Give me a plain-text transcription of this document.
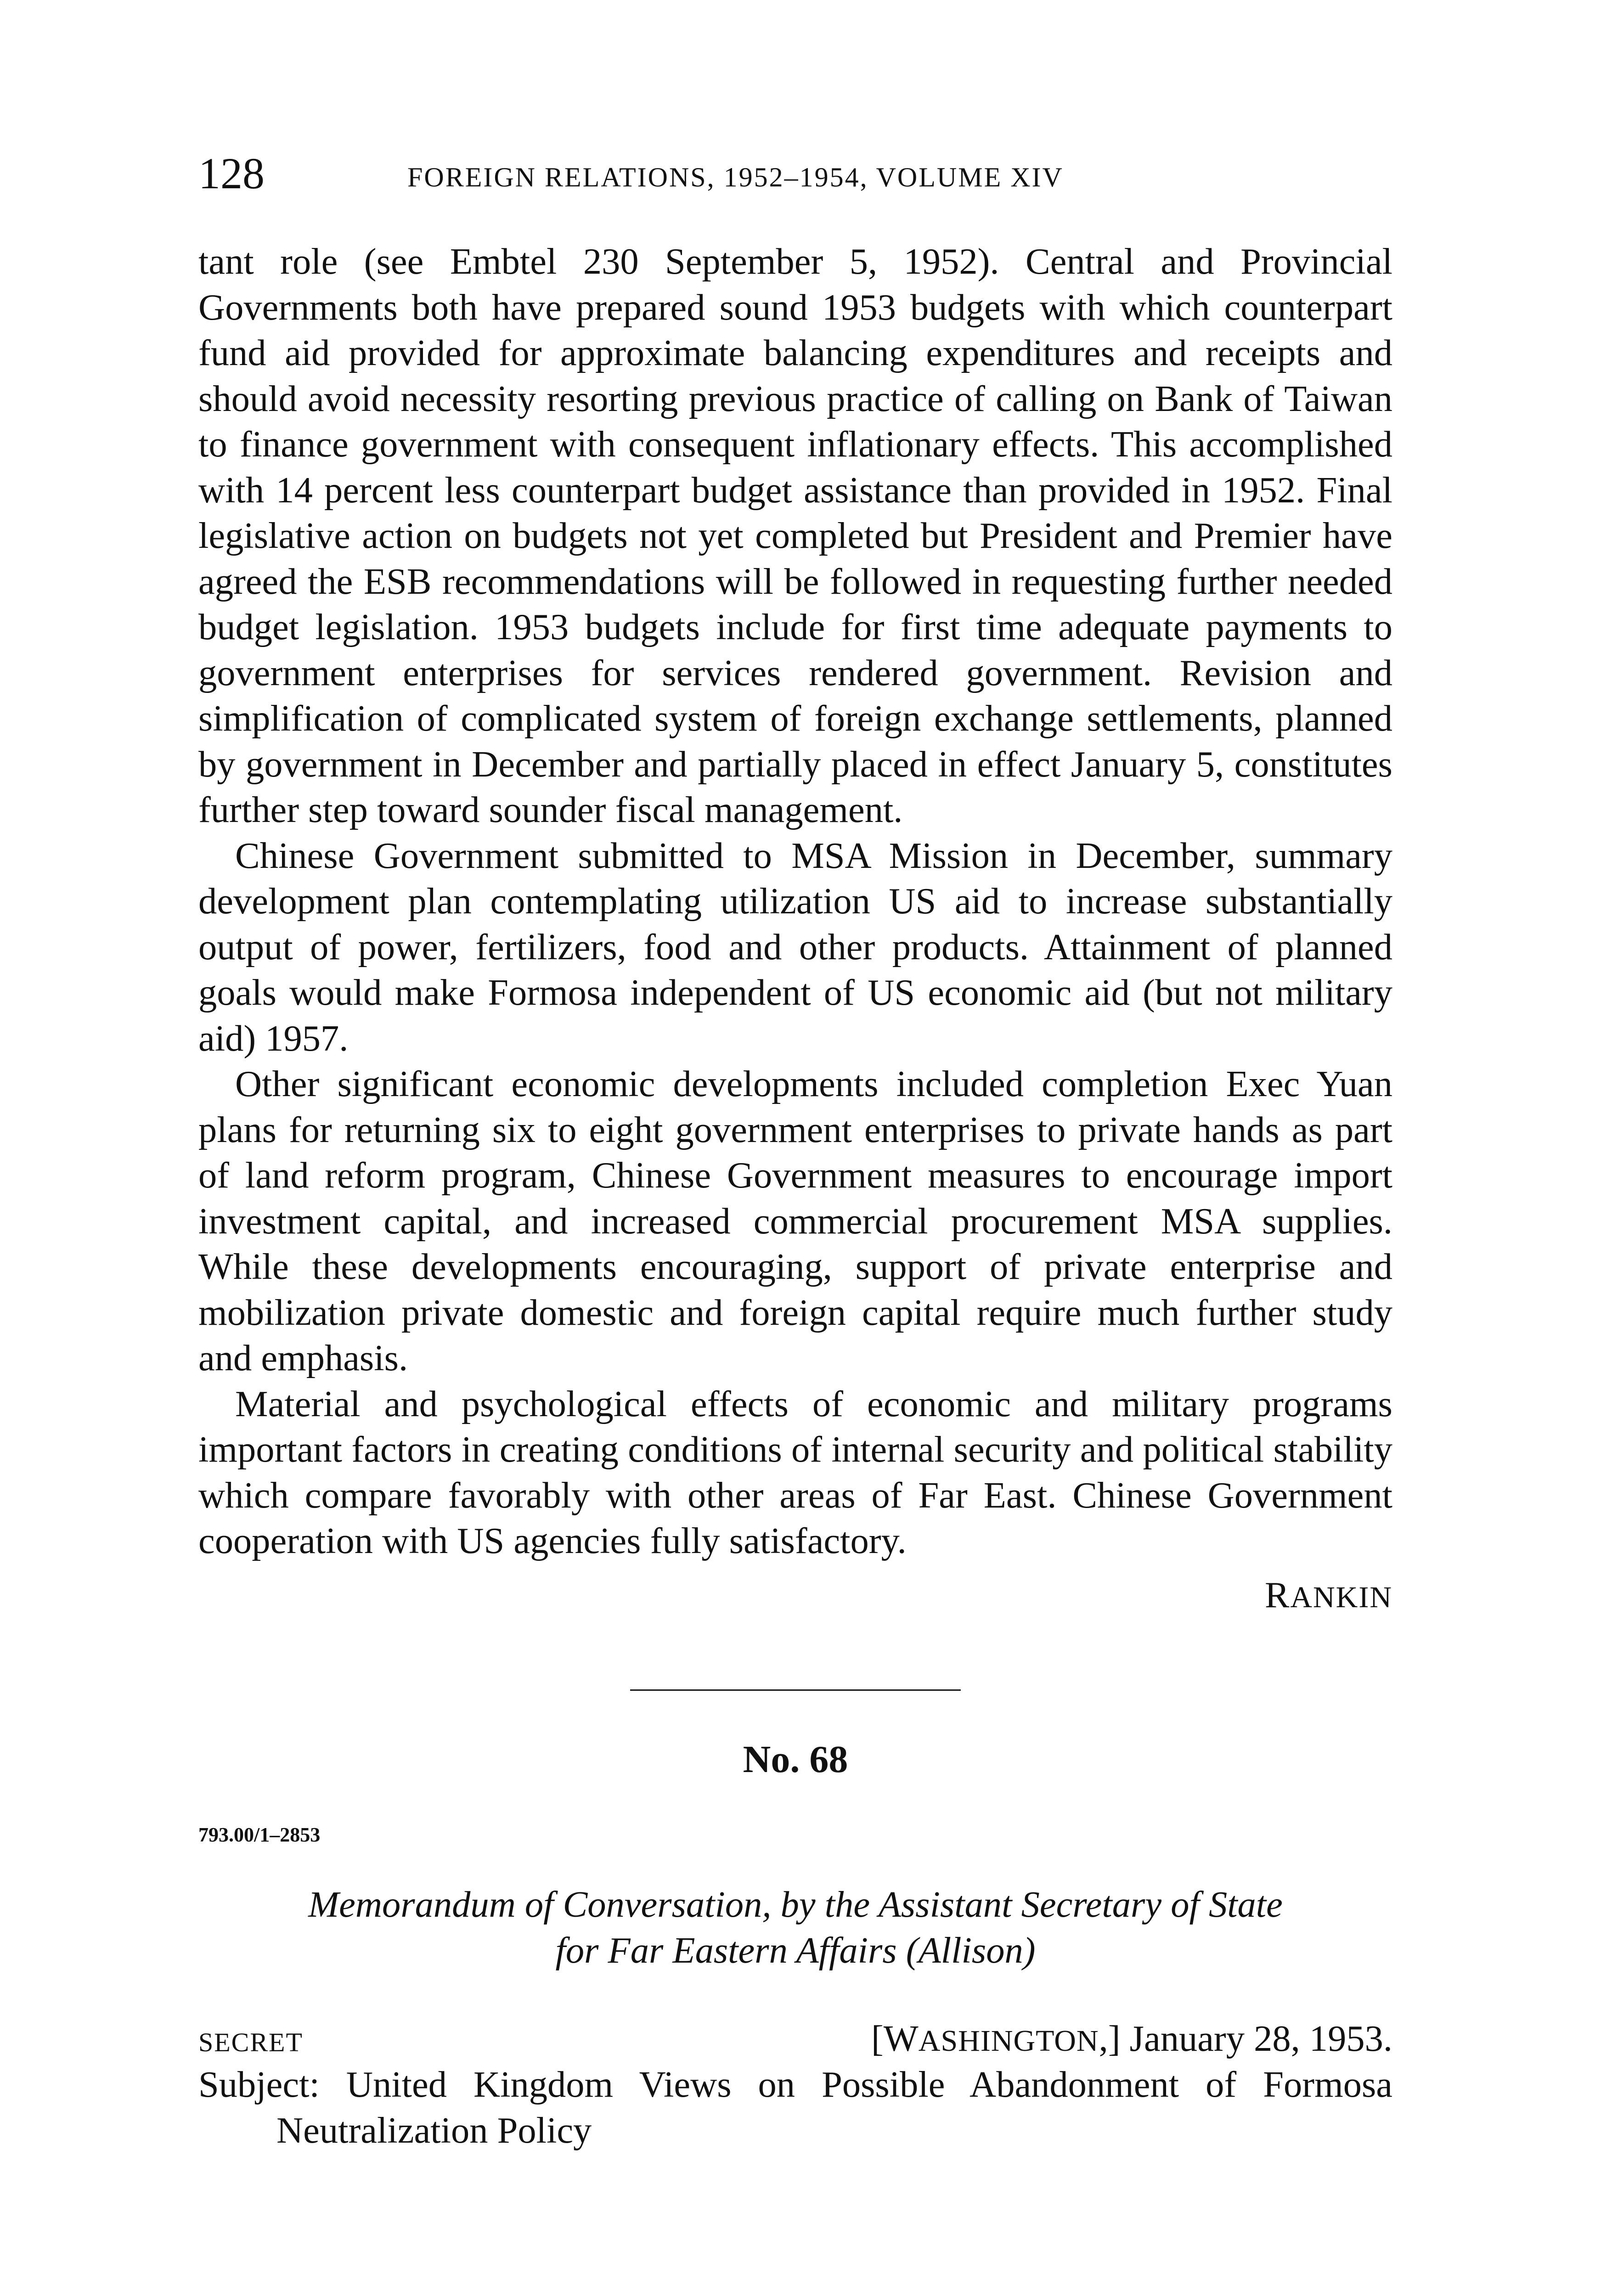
128	FOREIGN RELATIONS, 1952–1954, VOLUME XIV

tant role (see Embtel 230 September 5, 1952). Central and Provincial Governments both have prepared sound 1953 budgets with which counterpart fund aid provided for approximate balancing expenditures and receipts and should avoid necessity resorting previous practice of calling on Bank of Taiwan to finance government with consequent inflationary effects. This accomplished with 14 percent less counterpart budget assistance than provided in 1952. Final legislative action on budgets not yet completed but President and Premier have agreed the ESB recommendations will be followed in requesting further needed budget legislation. 1953 budgets include for first time adequate payments to government enterprises for services rendered government. Revision and simplification of complicated system of foreign exchange settlements, planned by government in December and partially placed in effect January 5, constitutes further step toward sounder fiscal management.

Chinese Government submitted to MSA Mission in December, summary development plan contemplating utilization US aid to increase substantially output of power, fertilizers, food and other products. Attainment of planned goals would make Formosa independent of US economic aid (but not military aid) 1957.

Other significant economic developments included completion Exec Yuan plans for returning six to eight government enterprises to private hands as part of land reform program, Chinese Government measures to encourage import investment capital, and increased commercial procurement MSA supplies. While these developments encouraging, support of private enterprise and mobilization private domestic and foreign capital require much further study and emphasis.

Material and psychological effects of economic and military programs important factors in creating conditions of internal security and political stability which compare favorably with other areas of Far East. Chinese Government cooperation with US agencies fully satisfactory.

RANKIN
No. 68
793.00/1–2853
Memorandum of Conversation, by the Assistant Secretary of State
for Far Eastern Affairs (Allison)
SECRET	[WASHINGTON,] January 28, 1953.
Subject: United Kingdom Views on Possible Abandonment of Formosa Neutralization Policy
